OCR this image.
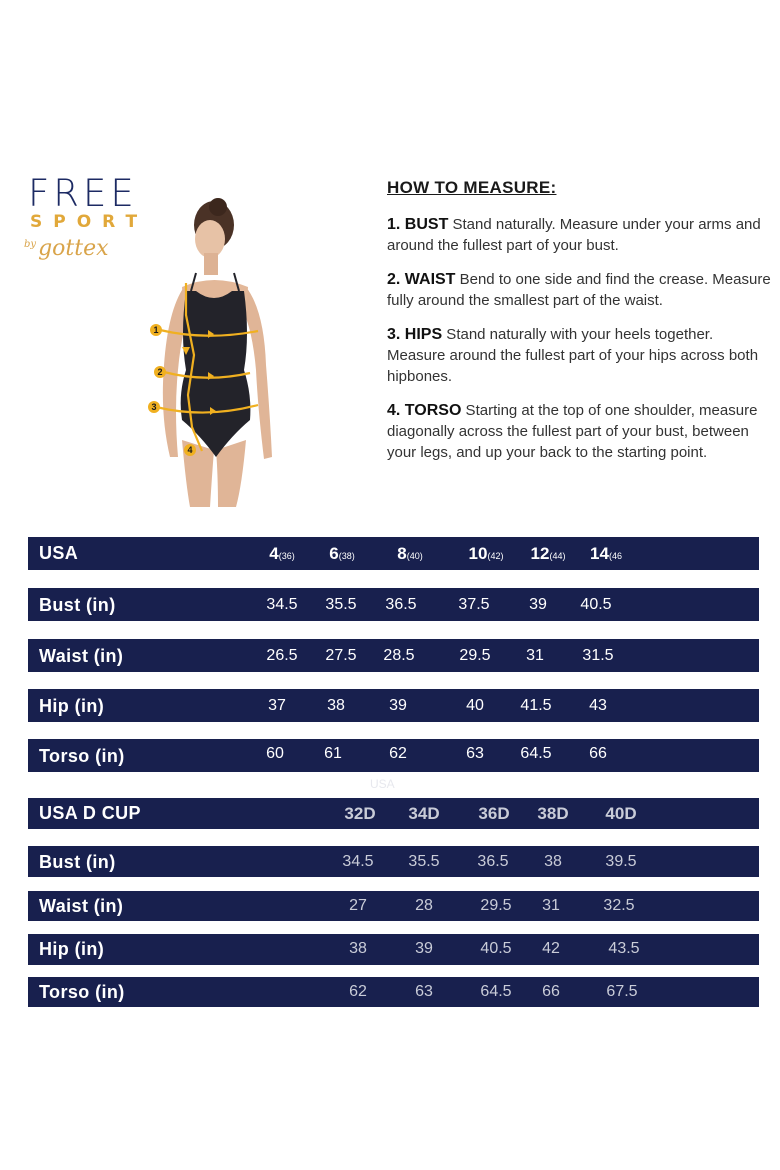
FREE
SPORT
$^{by}$gottex
1
2
3
4
HOW TO MEASURE:

1. BUST Stand naturally. Measure under your arms and around the fullest part of your bust.

2. WAIST Bend to one side and find the crease. Measure fully around the smallest part of the waist.

3. HIPS Stand naturally with your heels together. Measure around the fullest part of your hips across both hipbones.

4. TORSO Starting at the top of one shoulder, measure diagonally across the fullest part of your bust, between your legs, and up your back to the starting point.

USA	4(36) 6(38)	8(40)	10(42) 12(44) 14(46
Bust (in)	34.5 35.5 36.5	37.5 39 40.5
Waist (in)	26.5 27.5 28.5	29.5 31 31.5
Hip (in)	37	38	39	40 41.5 43
Torso (in)	60	61	62	63 64.5 66
USA
USA D CUP	32D 34D 36D 38D 40D
Bust (in)	34.5 35.5 36.5 38	39.5
Waist (in)	27	28	29.5 31	32.5
Hip (in)	38	39	40.5 42	43.5
Torso (in)	62	63	64.5 66	67.5
